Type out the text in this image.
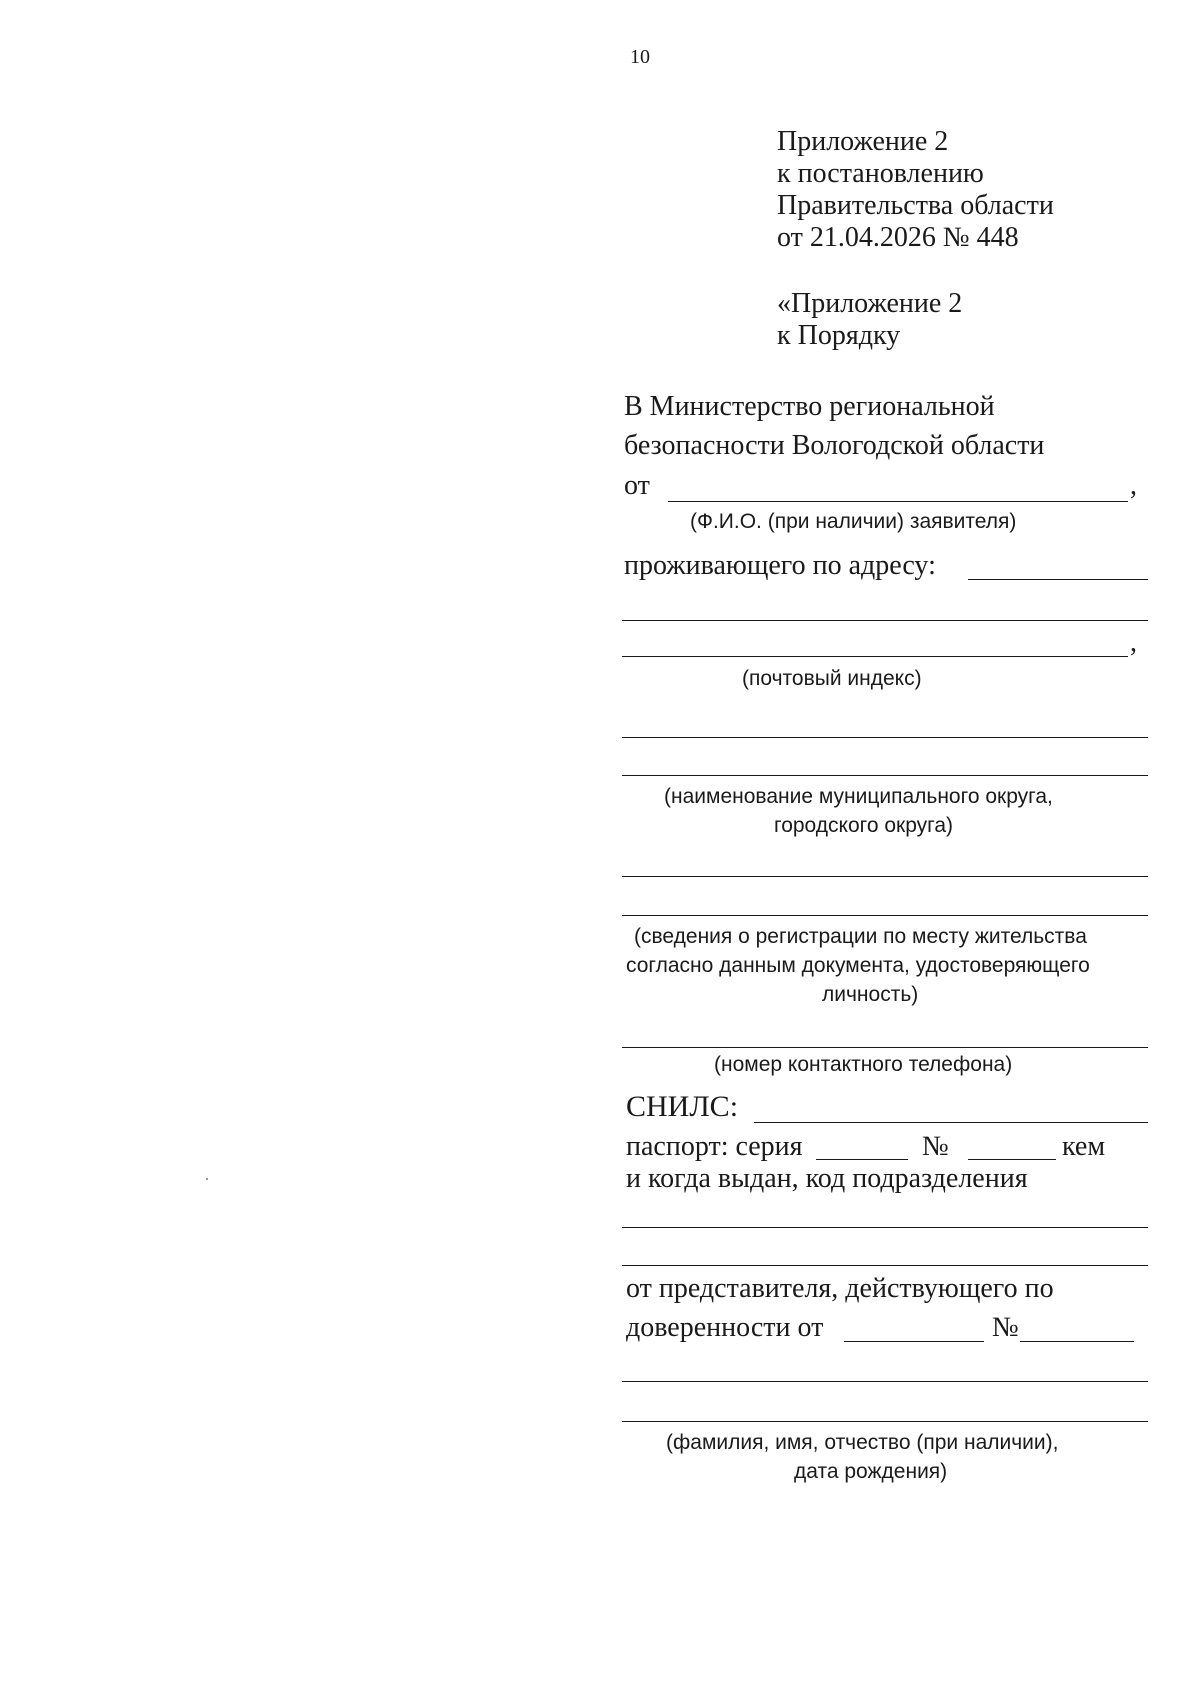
10
Приложение 2
к постановлению
Правительства области
от 21.04.2026 № 448
«Приложение 2
к Порядку
В Министерство региональной
безопасности Вологодской области
от	,
(Ф.И.О. (при наличии) заявителя)
проживающего по адресу:
,
(почтовый индекс)
(наименование муниципального округа,
городского округа)
(сведения о регистрации по месту жительства
согласно данным документа, удостоверяющего
личность)
(номер контактного телефона)
СНИЛС:
паспорт: серия	№	кем
и когда выдан, код подразделения
от представителя, действующего по
доверенности от	№
(фамилия, имя, отчество (при наличии),
дата рождения)
